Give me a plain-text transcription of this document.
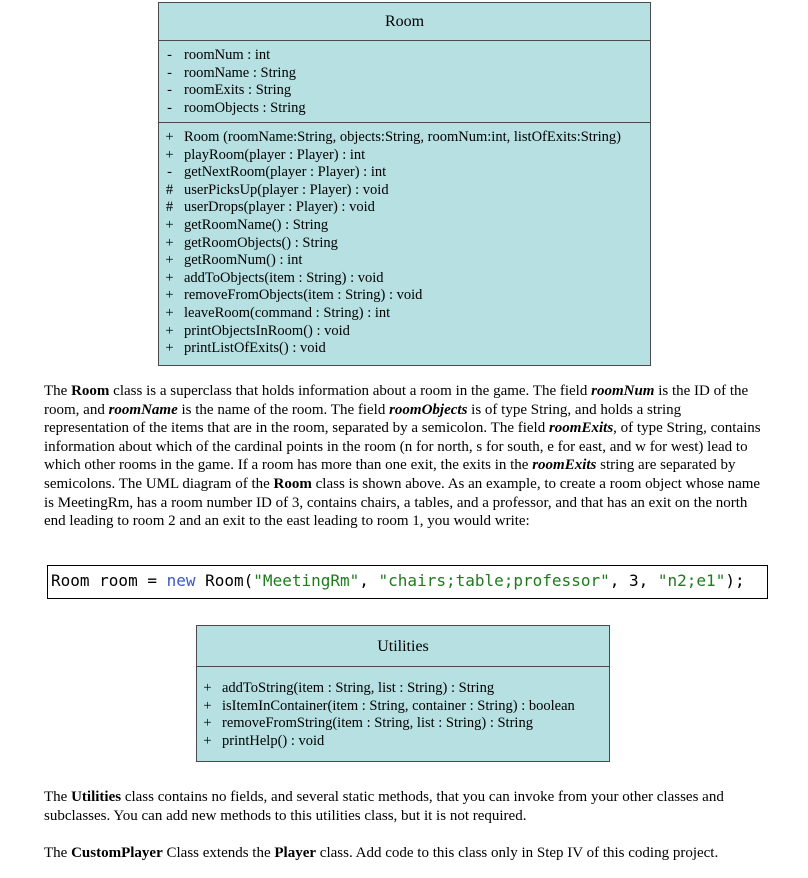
Room
- roomNum : int
- roomName : String
- roomExits : String
- roomObjects : String
+ Room (roomName:String, objects:String, roomNum:int, listOfExits:String)
+ playRoom(player : Player) : int
- getNextRoom(player : Player) : int
# userPicksUp(player : Player) : void
# userDrops(player : Player) : void
+ getRoomName() : String
+ getRoomObjects() : String
+ getRoomNum() : int
+ addToObjects(item : String) : void
+ removeFromObjects(item : String) : void
+ leaveRoom(command : String) : int
+ printObjectsInRoom() : void
+ printListOfExits() : void
The Room class is a superclass that holds information about a room in the game. The field roomNum is the ID of the room, and roomName is the name of the room. The field roomObjects is of type String, and holds a string representation of the items that are in the room, separated by a semicolon. The field roomExits, of type String, contains information about which of the cardinal points in the room (n for north, s for south, e for east, and w for west) lead to which other rooms in the game. If a room has more than one exit, the exits in the roomExits string are separated by semicolons. The UML diagram of the Room class is shown above. As an example, to create a room object whose name is MeetingRm, has a room number ID of 3, contains chairs, a tables, and a professor, and that has an exit on the north end leading to room 2 and an exit to the east leading to room 1, you would write:
Room room = new Room("MeetingRm", "chairs;table;professor", 3, "n2;e1");
Utilities
+ addToString(item : String, list : String) : String
+ isItemInContainer(item : String, container : String) : boolean
+ removeFromString(item : String, list : String) : String
+ printHelp() : void
The Utilities class contains no fields, and several static methods, that you can invoke from your other classes and subclasses. You can add new methods to this utilities class, but it is not required.
The CustomPlayer Class extends the Player class. Add code to this class only in Step IV of this coding project.
